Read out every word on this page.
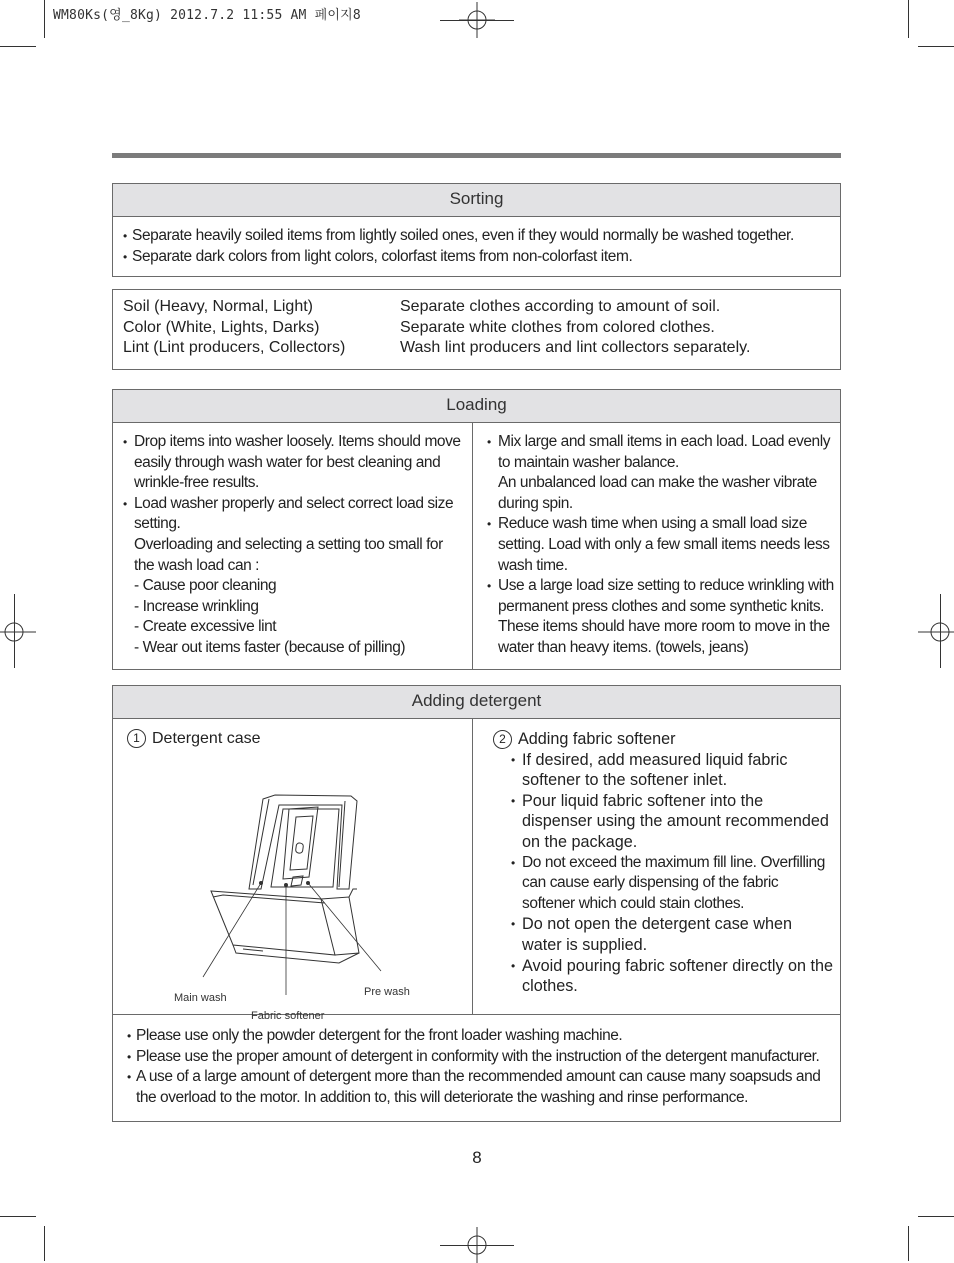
WM80Ks(영_8Kg) 2012.7.2 11:55 AM 페이지8
Sorting
• Separate heavily soiled items from lightly soiled ones, even if they would normally be washed together.
• Separate dark colors from light colors, colorfast items from non-colorfast item.
Soil (Heavy, Normal, Light)	Separate clothes according to amount of soil.
Color (White, Lights, Darks)	Separate white clothes from colored clothes.
Lint (Lint producers, Collectors)	Wash lint producers and lint collectors separately.
Loading
• Drop items into washer loosely. Items should move easily through wash water for best cleaning and wrinkle-free results.
• Load washer properly and select correct load size setting.
Overloading and selecting a setting too small for the wash load can :
- Cause poor cleaning
- Increase wrinkling
- Create excessive lint
- Wear out items faster (because of pilling)
• Mix large and small items in each load. Load evenly to maintain washer balance.
An unbalanced load can make the washer vibrate during spin.
• Reduce wash time when using a small load size setting. Load with only a few small items needs less wash time.
• Use a large load size setting to reduce wrinkling with permanent press clothes and some synthetic knits. These items should have more room to move in the water than heavy items. (towels, jeans)
Adding detergent
1 Detergent case
Main wash
Fabric softener
Pre wash
2 Adding fabric softener
• If desired, add measured liquid fabric softener to the softener inlet.
• Pour liquid fabric softener into the dispenser using the amount recommended on the package.
• Do not exceed the maximum fill line. Overfilling can cause early dispensing of the fabric softener which could stain clothes.
• Do not open the detergent case when water is supplied.
• Avoid pouring fabric softener directly on the clothes.
• Please use only the powder detergent for the front loader washing machine.
• Please use the proper amount of detergent in conformity with the instruction of the detergent manufacturer.
• A use of a large amount of detergent more than the recommended amount can cause many soapsuds and the overload to the motor. In addition to, this will deteriorate the washing and rinse performance.
8
